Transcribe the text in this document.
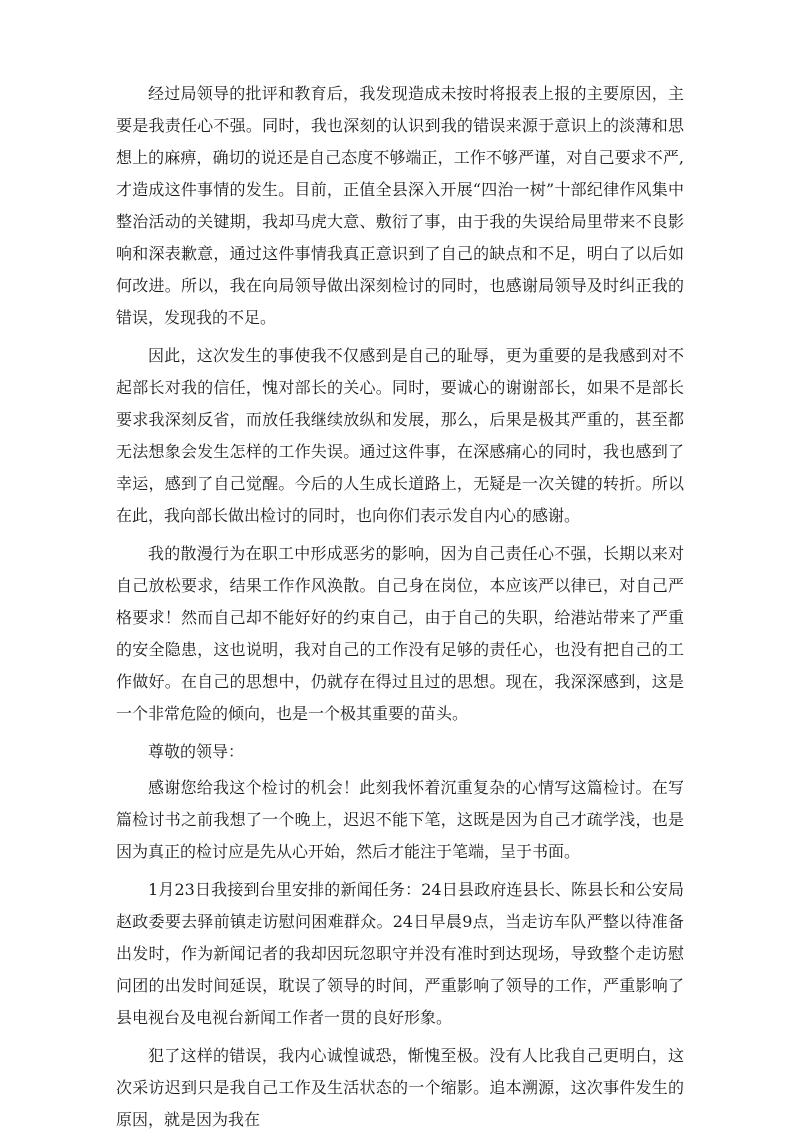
经过局领导的批评和教育后，我发现造成未按时将报表上报的主要原因，主要是我责任心不强。同时，我也深刻的认识到我的错误来源于意识上的淡薄和思想上的麻痹，确切的说还是自己态度不够端正，工作不够严谨，对自己要求不严,才造成这件事情的发生。目前，正值全县深入开展“四治一树”十部纪律作风集中整治活动的关键期，我却马虎大意、敷衍了事，由于我的失误给局里带来不良影响和深表歉意，通过这件事情我真正意识到了自己的缺点和不足，明白了以后如何改进。所以，我在向局领导做出深刻检讨的同时，也感谢局领导及时纠正我的错误，发现我的不足。

因此，这次发生的事使我不仅感到是自己的耻辱，更为重要的是我感到对不起部长对我的信任，愧对部长的关心。同时，要诚心的谢谢部长，如果不是部长要求我深刻反省，而放任我继续放纵和发展，那么，后果是极其严重的，甚至都无法想象会发生怎样的工作失误。通过这件事，在深感痛心的同时，我也感到了幸运，感到了自己觉醒。今后的人生成长道路上，无疑是一次关键的转折。所以在此，我向部长做出检讨的同时，也向你们表示发自内心的感谢。

我的散漫行为在职工中形成恶劣的影响，因为自己责任心不强，长期以来对自己放松要求，结果工作作风涣散。自己身在岗位，本应该严以律已，对自己严格要求！然而自己却不能好好的约束自己，由于自己的失职，给港站带来了严重的安全隐患，这也说明，我对自己的工作没有足够的责任心，也没有把自己的工作做好。在自己的思想中，仍就存在得过且过的思想。现在，我深深感到，这是一个非常危险的倾向，也是一个极其重要的苗头。

尊敬的领导：

感谢您给我这个检讨的机会！此刻我怀着沉重复杂的心情写这篇检讨。在写篇检讨书之前我想了一个晚上，迟迟不能下笔，这既是因为自己才疏学浅，也是因为真正的检讨应是先从心开始，然后才能注于笔端，呈于书面。

1月23日我接到台里安排的新闻任务：24日县政府连县长、陈县长和公安局赵政委要去驿前镇走访慰问困难群众。24日早晨9点，当走访车队严整以待准备出发时，作为新闻记者的我却因玩忽职守并没有准时到达现场，导致整个走访慰问团的出发时间延误，耽误了领导的时间，严重影响了领导的工作，严重影响了县电视台及电视台新闻工作者一贯的良好形象。

犯了这样的错误，我内心诚惶诚恐，惭愧至极。没有人比我自己更明白，这次采访迟到只是我自己工作及生活状态的一个缩影。追本溯源，这次事件发生的原因，就是因为我在
